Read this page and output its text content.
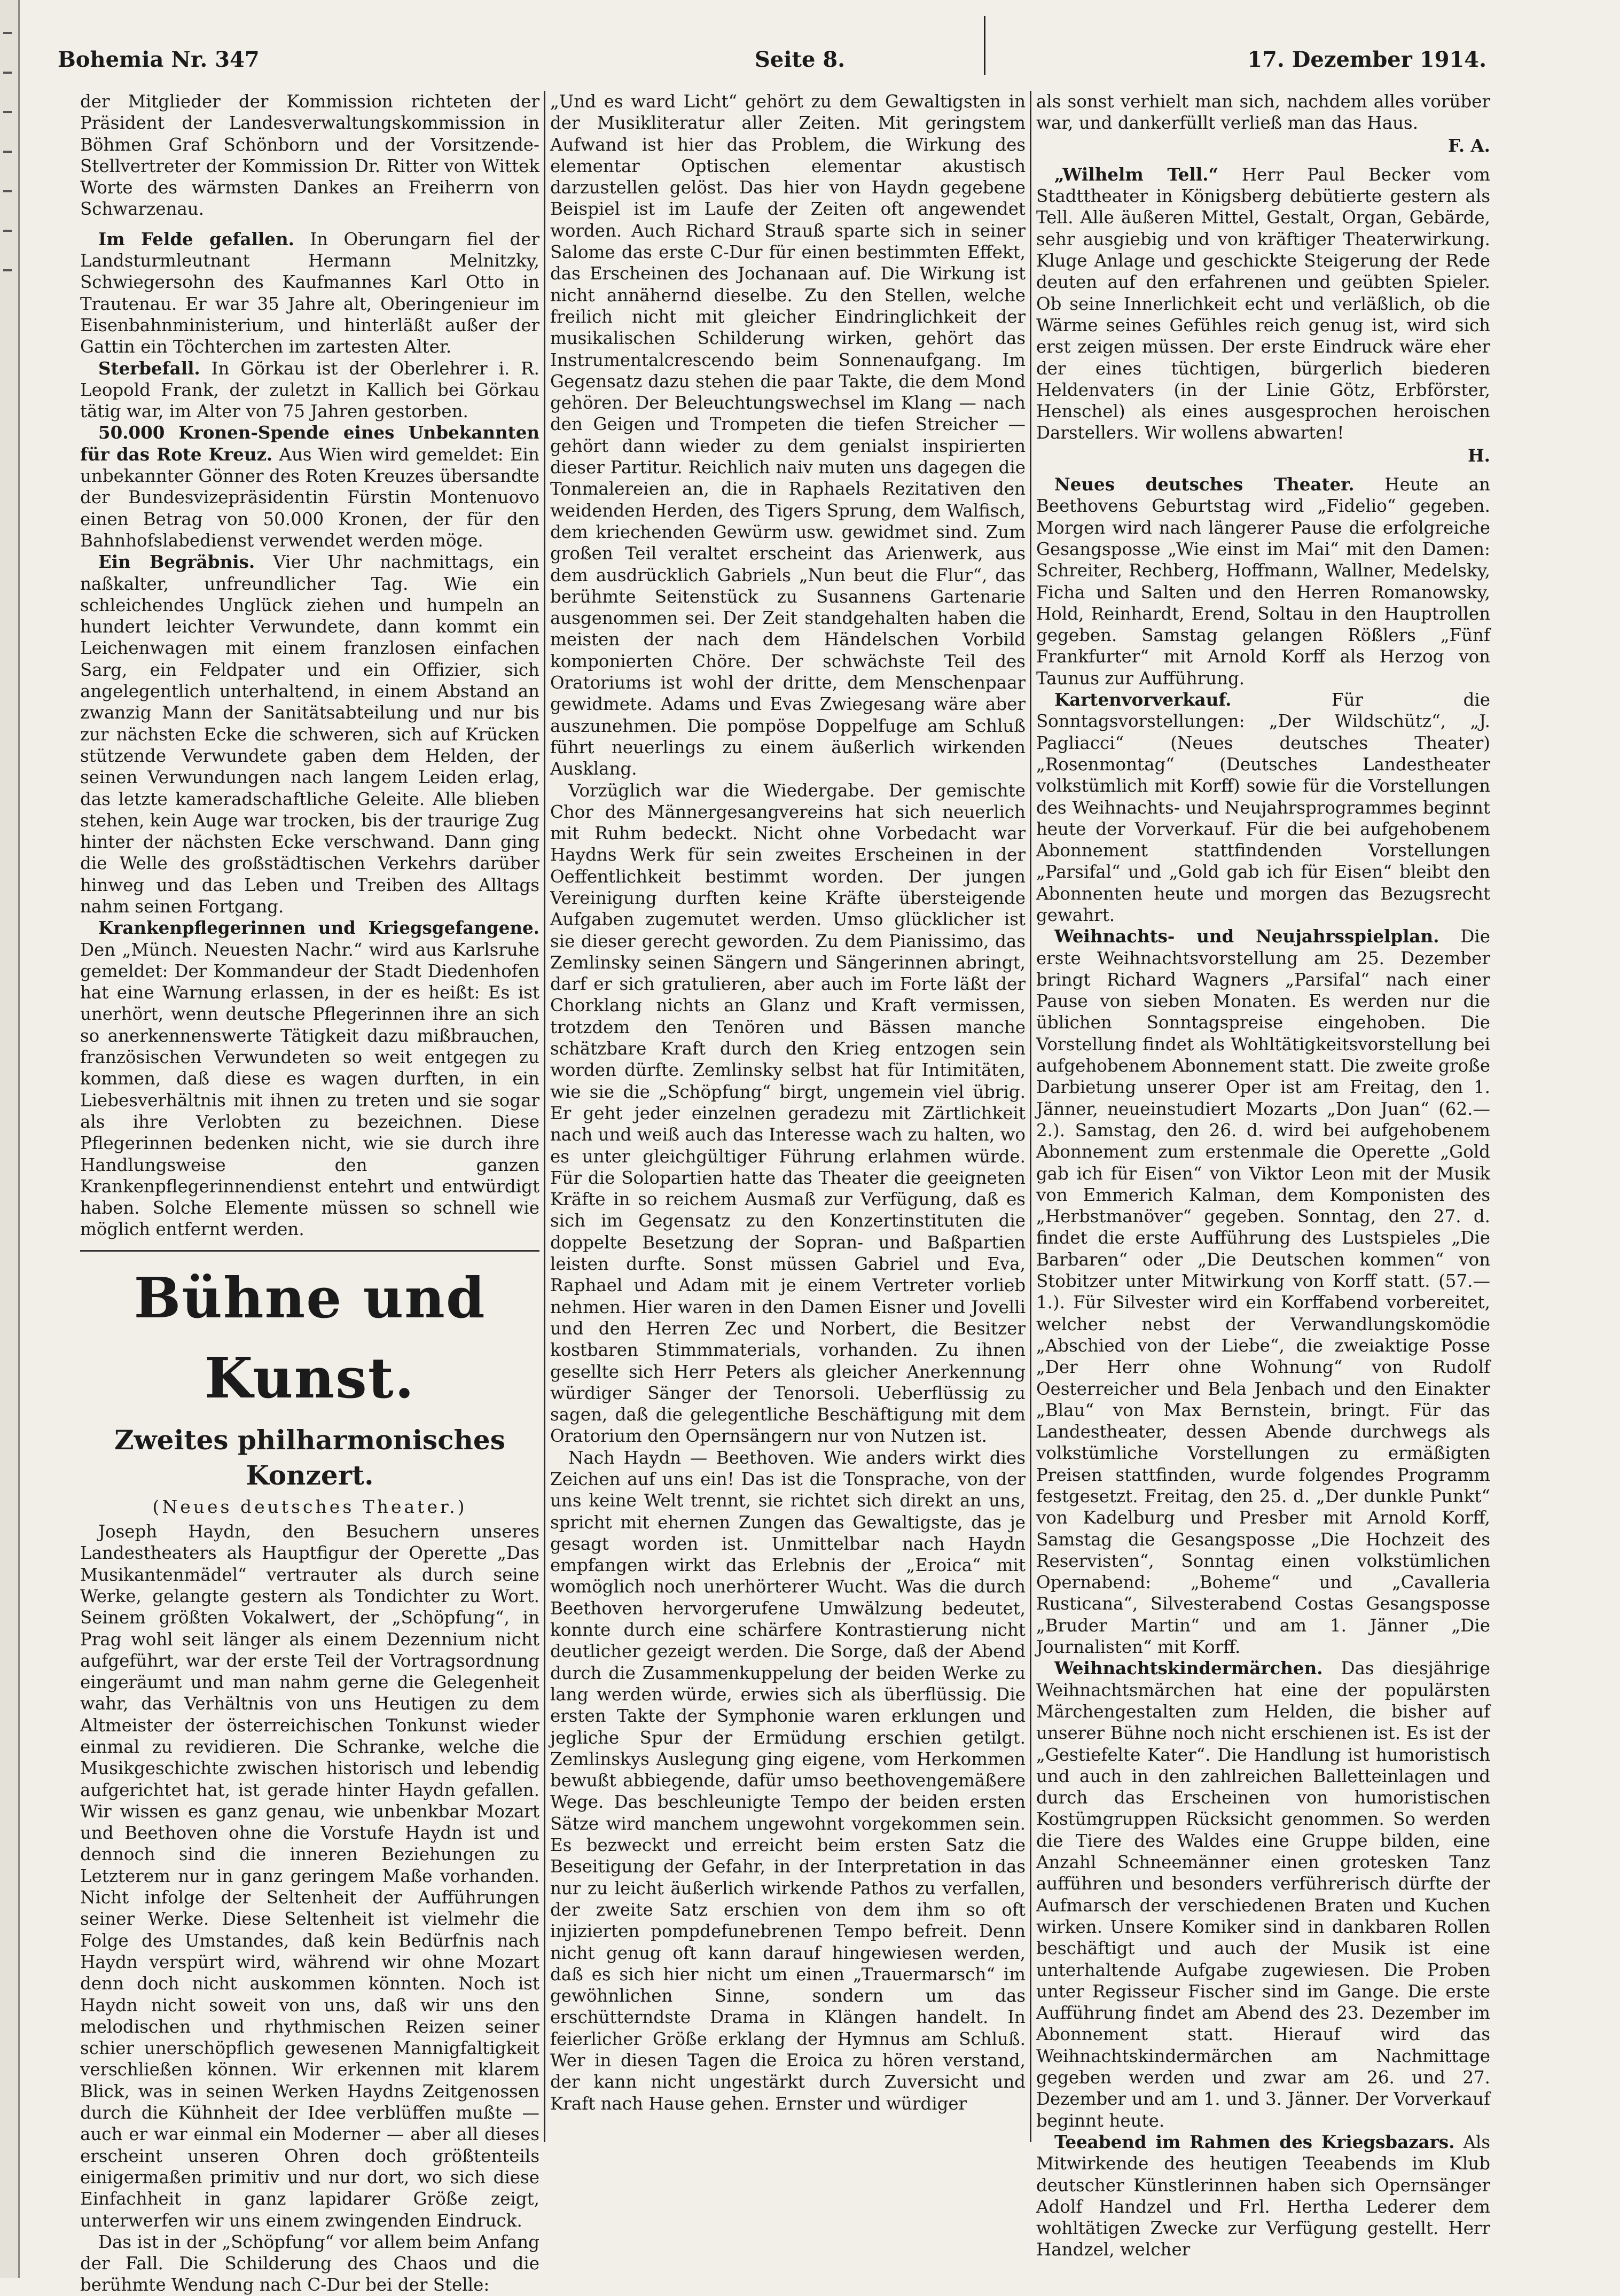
Bohemia Nr. 347	Seite 8.	17. Dezember 1914.

der Mitglieder der Kommission richteten der Präsident der Landesverwaltungskommission in Böhmen Graf Schönborn und der Vorsitzende-Stellvertreter der Kommission Dr. Ritter von Wittek Worte des wärmsten Dankes an Freiherrn von Schwarzenau.

Im Felde gefallen. In Oberungarn fiel der Landsturmleutnant Hermann Melnitzky, Schwiegersohn des Kaufmannes Karl Otto in Trautenau. Er war 35 Jahre alt, Oberingenieur im Eisenbahnministerium, und hinterläßt außer der Gattin ein Töchterchen im zartesten Alter.

Sterbefall. In Görkau ist der Oberlehrer i. R. Leopold Frank, der zuletzt in Kallich bei Görkau tätig war, im Alter von 75 Jahren gestorben.

50.000 Kronen-Spende eines Unbekannten für das Rote Kreuz. Aus Wien wird gemeldet: Ein unbekannter Gönner des Roten Kreuzes übersandte der Bundesvizepräsidentin Fürstin Montenuovo einen Betrag von 50.000 Kronen, der für den Bahnhofslabedienst verwendet werden möge.

Ein Begräbnis. Vier Uhr nachmittags, ein naßkalter, unfreundlicher Tag. Wie ein schleichendes Unglück ziehen und humpeln an hundert leichter Verwundete, dann kommt ein Leichenwagen mit einem franzlosen einfachen Sarg, ein Feldpater und ein Offizier, sich angelegentlich unterhaltend, in einem Abstand an zwanzig Mann der Sanitätsabteilung und nur bis zur nächsten Ecke die schweren, sich auf Krücken stützende Verwundete gaben dem Helden, der seinen Verwundungen nach langem Leiden erlag, das letzte kameradschaftliche Geleite. Alle blieben stehen, kein Auge war trocken, bis der traurige Zug hinter der nächsten Ecke verschwand. Dann ging die Welle des großstädtischen Verkehrs darüber hinweg und das Leben und Treiben des Alltags nahm seinen Fortgang.

Krankenpflegerinnen und Kriegsgefangene. Den „Münch. Neuesten Nachr.“ wird aus Karlsruhe gemeldet: Der Kommandeur der Stadt Diedenhofen hat eine Warnung erlassen, in der es heißt: Es ist unerhört, wenn deutsche Pflegerinnen ihre an sich so anerkennenswerte Tätigkeit dazu mißbrauchen, französischen Verwundeten so weit entgegen zu kommen, daß diese es wagen durften, in ein Liebesverhältnis mit ihnen zu treten und sie sogar als ihre Verlobten zu bezeichnen. Diese Pflegerinnen bedenken nicht, wie sie durch ihre Handlungsweise den ganzen Krankenpflegerinnendienst entehrt und entwürdigt haben. Solche Elemente müssen so schnell wie möglich entfernt werden.

Bühne und Kunst.
Zweites philharmonisches Konzert.
(Neues deutsches Theater.)

Joseph Haydn, den Besuchern unseres Landestheaters als Hauptfigur der Operette „Das Musikantenmädel“ vertrauter als durch seine Werke, gelangte gestern als Tondichter zu Wort. Seinem größten Vokalwert, der „Schöpfung“, in Prag wohl seit länger als einem Dezennium nicht aufgeführt, war der erste Teil der Vortragsordnung eingeräumt und man nahm gerne die Gelegenheit wahr, das Verhältnis von uns Heutigen zu dem Altmeister der österreichischen Tonkunst wieder einmal zu revidieren. Die Schranke, welche die Musikgeschichte zwischen historisch und lebendig aufgerichtet hat, ist gerade hinter Haydn gefallen. Wir wissen es ganz genau, wie unbenkbar Mozart und Beethoven ohne die Vorstufe Haydn ist und dennoch sind die inneren Beziehungen zu Letzterem nur in ganz geringem Maße vorhanden. Nicht infolge der Seltenheit der Aufführungen seiner Werke. Diese Seltenheit ist vielmehr die Folge des Umstandes, daß kein Bedürfnis nach Haydn verspürt wird, während wir ohne Mozart denn doch nicht auskommen könnten. Noch ist Haydn nicht soweit von uns, daß wir uns den melodischen und rhythmischen Reizen seiner schier unerschöpflich gewesenen Mannigfaltigkeit verschließen können. Wir erkennen mit klarem Blick, was in seinen Werken Haydns Zeitgenossen durch die Kühnheit der Idee verblüffen mußte — auch er war einmal ein Moderner — aber all dieses erscheint unseren Ohren doch größtenteils einigermaßen primitiv und nur dort, wo sich diese Einfachheit in ganz lapidarer Größe zeigt, unterwerfen wir uns einem zwingenden Eindruck.

Das ist in der „Schöpfung“ vor allem beim Anfang der Fall. Die Schilderung des Chaos und die berühmte Wendung nach C-Dur bei der Stelle:

„Und es ward Licht“ gehört zu dem Gewaltigsten in der Musikliteratur aller Zeiten. Mit geringstem Aufwand ist hier das Problem, die Wirkung des elementar Optischen elementar akustisch darzustellen gelöst. Das hier von Haydn gegebene Beispiel ist im Laufe der Zeiten oft angewendet worden. Auch Richard Strauß sparte sich in seiner Salome das erste C-Dur für einen bestimmten Effekt, das Erscheinen des Jochanaan auf. Die Wirkung ist nicht annähernd dieselbe. Zu den Stellen, welche freilich nicht mit gleicher Eindringlichkeit der musikalischen Schilderung wirken, gehört das Instrumentalcrescendo beim Sonnenaufgang. Im Gegensatz dazu stehen die paar Takte, die dem Mond gehören. Der Beleuchtungswechsel im Klang — nach den Geigen und Trompeten die tiefen Streicher — gehört dann wieder zu dem genialst inspirierten dieser Partitur. Reichlich naiv muten uns dagegen die Tonmalereien an, die in Raphaels Rezitativen den weidenden Herden, des Tigers Sprung, dem Walfisch, dem kriechenden Gewürm usw. gewidmet sind. Zum großen Teil veraltet erscheint das Arienwerk, aus dem ausdrücklich Gabriels „Nun beut die Flur“, das berühmte Seitenstück zu Susannens Gartenarie ausgenommen sei. Der Zeit standgehalten haben die meisten der nach dem Händelschen Vorbild komponierten Chöre. Der schwächste Teil des Oratoriums ist wohl der dritte, dem Menschenpaar gewidmete. Adams und Evas Zwiegesang wäre aber auszunehmen. Die pompöse Doppelfuge am Schluß führt neuerlings zu einem äußerlich wirkenden Ausklang.

Vorzüglich war die Wiedergabe. Der gemischte Chor des Männergesangvereins hat sich neuerlich mit Ruhm bedeckt. Nicht ohne Vorbedacht war Haydns Werk für sein zweites Erscheinen in der Oeffentlichkeit bestimmt worden. Der jungen Vereinigung durften keine Kräfte übersteigende Aufgaben zugemutet werden. Umso glücklicher ist sie dieser gerecht geworden. Zu dem Pianissimo, das Zemlinsky seinen Sängern und Sängerinnen abringt, darf er sich gratulieren, aber auch im Forte läßt der Chorklang nichts an Glanz und Kraft vermissen, trotzdem den Tenören und Bässen manche schätzbare Kraft durch den Krieg entzogen sein worden dürfte. Zemlinsky selbst hat für Intimitäten, wie sie die „Schöpfung“ birgt, ungemein viel übrig. Er geht jeder einzelnen geradezu mit Zärtlichkeit nach und weiß auch das Interesse wach zu halten, wo es unter gleichgültiger Führung erlahmen würde. Für die Solopartien hatte das Theater die geeigneten Kräfte in so reichem Ausmaß zur Verfügung, daß es sich im Gegensatz zu den Konzertinstituten die doppelte Besetzung der Sopran- und Baßpartien leisten durfte. Sonst müssen Gabriel und Eva, Raphael und Adam mit je einem Vertreter vorlieb nehmen. Hier waren in den Damen Eisner und Jovelli und den Herren Zec und Norbert, die Besitzer kostbaren Stimmmaterials, vorhanden. Zu ihnen gesellte sich Herr Peters als gleicher Anerkennung würdiger Sänger der Tenorsoli. Ueberflüssig zu sagen, daß die gelegentliche Beschäftigung mit dem Oratorium den Opernsängern nur von Nutzen ist.

Nach Haydn — Beethoven. Wie anders wirkt dies Zeichen auf uns ein! Das ist die Tonsprache, von der uns keine Welt trennt, sie richtet sich direkt an uns, spricht mit ehernen Zungen das Gewaltigste, das je gesagt worden ist. Unmittelbar nach Haydn empfangen wirkt das Erlebnis der „Eroica“ mit womöglich noch unerhörterer Wucht. Was die durch Beethoven hervorgerufene Umwälzung bedeutet, konnte durch eine schärfere Kontrastierung nicht deutlicher gezeigt werden. Die Sorge, daß der Abend durch die Zusammenkuppelung der beiden Werke zu lang werden würde, erwies sich als überflüssig. Die ersten Takte der Symphonie waren erklungen und jegliche Spur der Ermüdung erschien getilgt. Zemlinskys Auslegung ging eigene, vom Herkommen bewußt abbiegende, dafür umso beethovengemäßere Wege. Das beschleunigte Tempo der beiden ersten Sätze wird manchem ungewohnt vorgekommen sein. Es bezweckt und erreicht beim ersten Satz die Beseitigung der Gefahr, in der Interpretation in das nur zu leicht äußerlich wirkende Pathos zu verfallen, der zweite Satz erschien von dem ihm so oft injizierten pompdefunebrenen Tempo befreit. Denn nicht genug oft kann darauf hingewiesen werden, daß es sich hier nicht um einen „Trauermarsch“ im gewöhnlichen Sinne, sondern um das erschütterndste Drama in Klängen handelt. In feierlicher Größe erklang der Hymnus am Schluß. Wer in diesen Tagen die Eroica zu hören verstand, der kann nicht ungestärkt durch Zuversicht und Kraft nach Hause gehen. Ernster und würdiger

als sonst verhielt man sich, nachdem alles vorüber war, und dankerfüllt verließ man das Haus.

F. A.

„Wilhelm Tell.“ Herr Paul Becker vom Stadttheater in Königsberg debütierte gestern als Tell. Alle äußeren Mittel, Gestalt, Organ, Gebärde, sehr ausgiebig und von kräftiger Theaterwirkung. Kluge Anlage und geschickte Steigerung der Rede deuten auf den erfahrenen und geübten Spieler. Ob seine Innerlichkeit echt und verläßlich, ob die Wärme seines Gefühles reich genug ist, wird sich erst zeigen müssen. Der erste Eindruck wäre eher der eines tüchtigen, bürgerlich biederen Heldenvaters (in der Linie Götz, Erbförster, Henschel) als eines ausgesprochen heroischen Darstellers. Wir wollens abwarten!

H.

Neues deutsches Theater. Heute an Beethovens Geburtstag wird „Fidelio“ gegeben. Morgen wird nach längerer Pause die erfolgreiche Gesangsposse „Wie einst im Mai“ mit den Damen: Schreiter, Rechberg, Hoffmann, Wallner, Medelsky, Ficha und Salten und den Herren Romanowsky, Hold, Reinhardt, Erend, Soltau in den Hauptrollen gegeben. Samstag gelangen Rößlers „Fünf Frankfurter“ mit Arnold Korff als Herzog von Taunus zur Aufführung.

Kartenvorverkauf.	Für die Sonntagsvorstellungen: „Der Wildschütz“, „J. Pagliacci“ (Neues deutsches Theater) „Rosenmontag“ (Deutsches Landestheater volkstümlich mit Korff) sowie für die Vorstellungen des Weihnachts- und Neujahrsprogrammes beginnt heute der Vorverkauf. Für die bei aufgehobenem Abonnement stattfindenden Vorstellungen „Parsifal“ und „Gold gab ich für Eisen“ bleibt den Abonnenten heute und morgen das Bezugsrecht gewahrt.

Weihnachts- und Neujahrsspielplan. Die erste Weihnachtsvorstellung am 25. Dezember bringt Richard Wagners „Parsifal“ nach einer Pause von sieben Monaten. Es werden nur die üblichen Sonntagspreise eingehoben. Die Vorstellung findet als Wohltätigkeitsvorstellung bei aufgehobenem Abonnement statt. Die zweite große Darbietung unserer Oper ist am Freitag, den 1. Jänner, neueinstudiert Mozarts „Don Juan“ (62.—2.). Samstag, den 26. d. wird bei aufgehobenem Abonnement zum erstenmale die Operette „Gold gab ich für Eisen“ von Viktor Leon mit der Musik von Emmerich Kalman, dem Komponisten des „Herbstmanöver“ gegeben. Sonntag, den 27. d. findet die erste Aufführung des Lustspieles „Die Barbaren“ oder „Die Deutschen kommen“ von Stobitzer unter Mitwirkung von Korff statt. (57.—1.). Für Silvester wird ein Korffabend vorbereitet, welcher nebst der Verwandlungskomödie „Abschied von der Liebe“, die zweiaktige Posse „Der Herr ohne Wohnung“ von Rudolf Oesterreicher und Bela Jenbach und den Einakter „Blau“ von Max Bernstein, bringt. Für das Landestheater, dessen Abende durchwegs als volkstümliche Vorstellungen zu ermäßigten Preisen stattfinden, wurde folgendes Programm festgesetzt. Freitag, den 25. d. „Der dunkle Punkt“ von Kadelburg und Presber mit Arnold Korff, Samstag die Gesangsposse „Die Hochzeit des Reservisten“, Sonntag einen volkstümlichen Opernabend: „Boheme“ und „Cavalleria Rusticana“, Silvesterabend Costas Gesangsposse „Bruder Martin“ und am 1. Jänner „Die Journalisten“ mit Korff.

Weihnachtskindermärchen. Das diesjährige Weihnachtsmärchen hat eine der populärsten Märchengestalten zum Helden, die bisher auf unserer Bühne noch nicht erschienen ist. Es ist der „Gestiefelte Kater“. Die Handlung ist humoristisch und auch in den zahlreichen Balletteinlagen und durch das Erscheinen von humoristischen Kostümgruppen Rücksicht genommen. So werden die Tiere des Waldes eine Gruppe bilden, eine Anzahl Schneemänner einen grotesken Tanz aufführen und besonders verführerisch dürfte der Aufmarsch der verschiedenen Braten und Kuchen wirken. Unsere Komiker sind in dankbaren Rollen beschäftigt und auch der Musik ist eine unterhaltende Aufgabe zugewiesen. Die Proben unter Regisseur Fischer sind im Gange. Die erste Aufführung findet am Abend des 23. Dezember im Abonnement statt. Hierauf wird das Weihnachtskindermärchen am Nachmittage gegeben werden und zwar am 26. und 27. Dezember und am 1. und 3. Jänner. Der Vorverkauf beginnt heute.

Teeabend im Rahmen des Kriegsbazars. Als Mitwirkende des heutigen Teeabends im Klub deutscher Künstlerinnen haben sich Opernsänger Adolf Handzel und Frl. Hertha Lederer dem wohltätigen Zwecke zur Verfügung gestellt. Herr Handzel, welcher
